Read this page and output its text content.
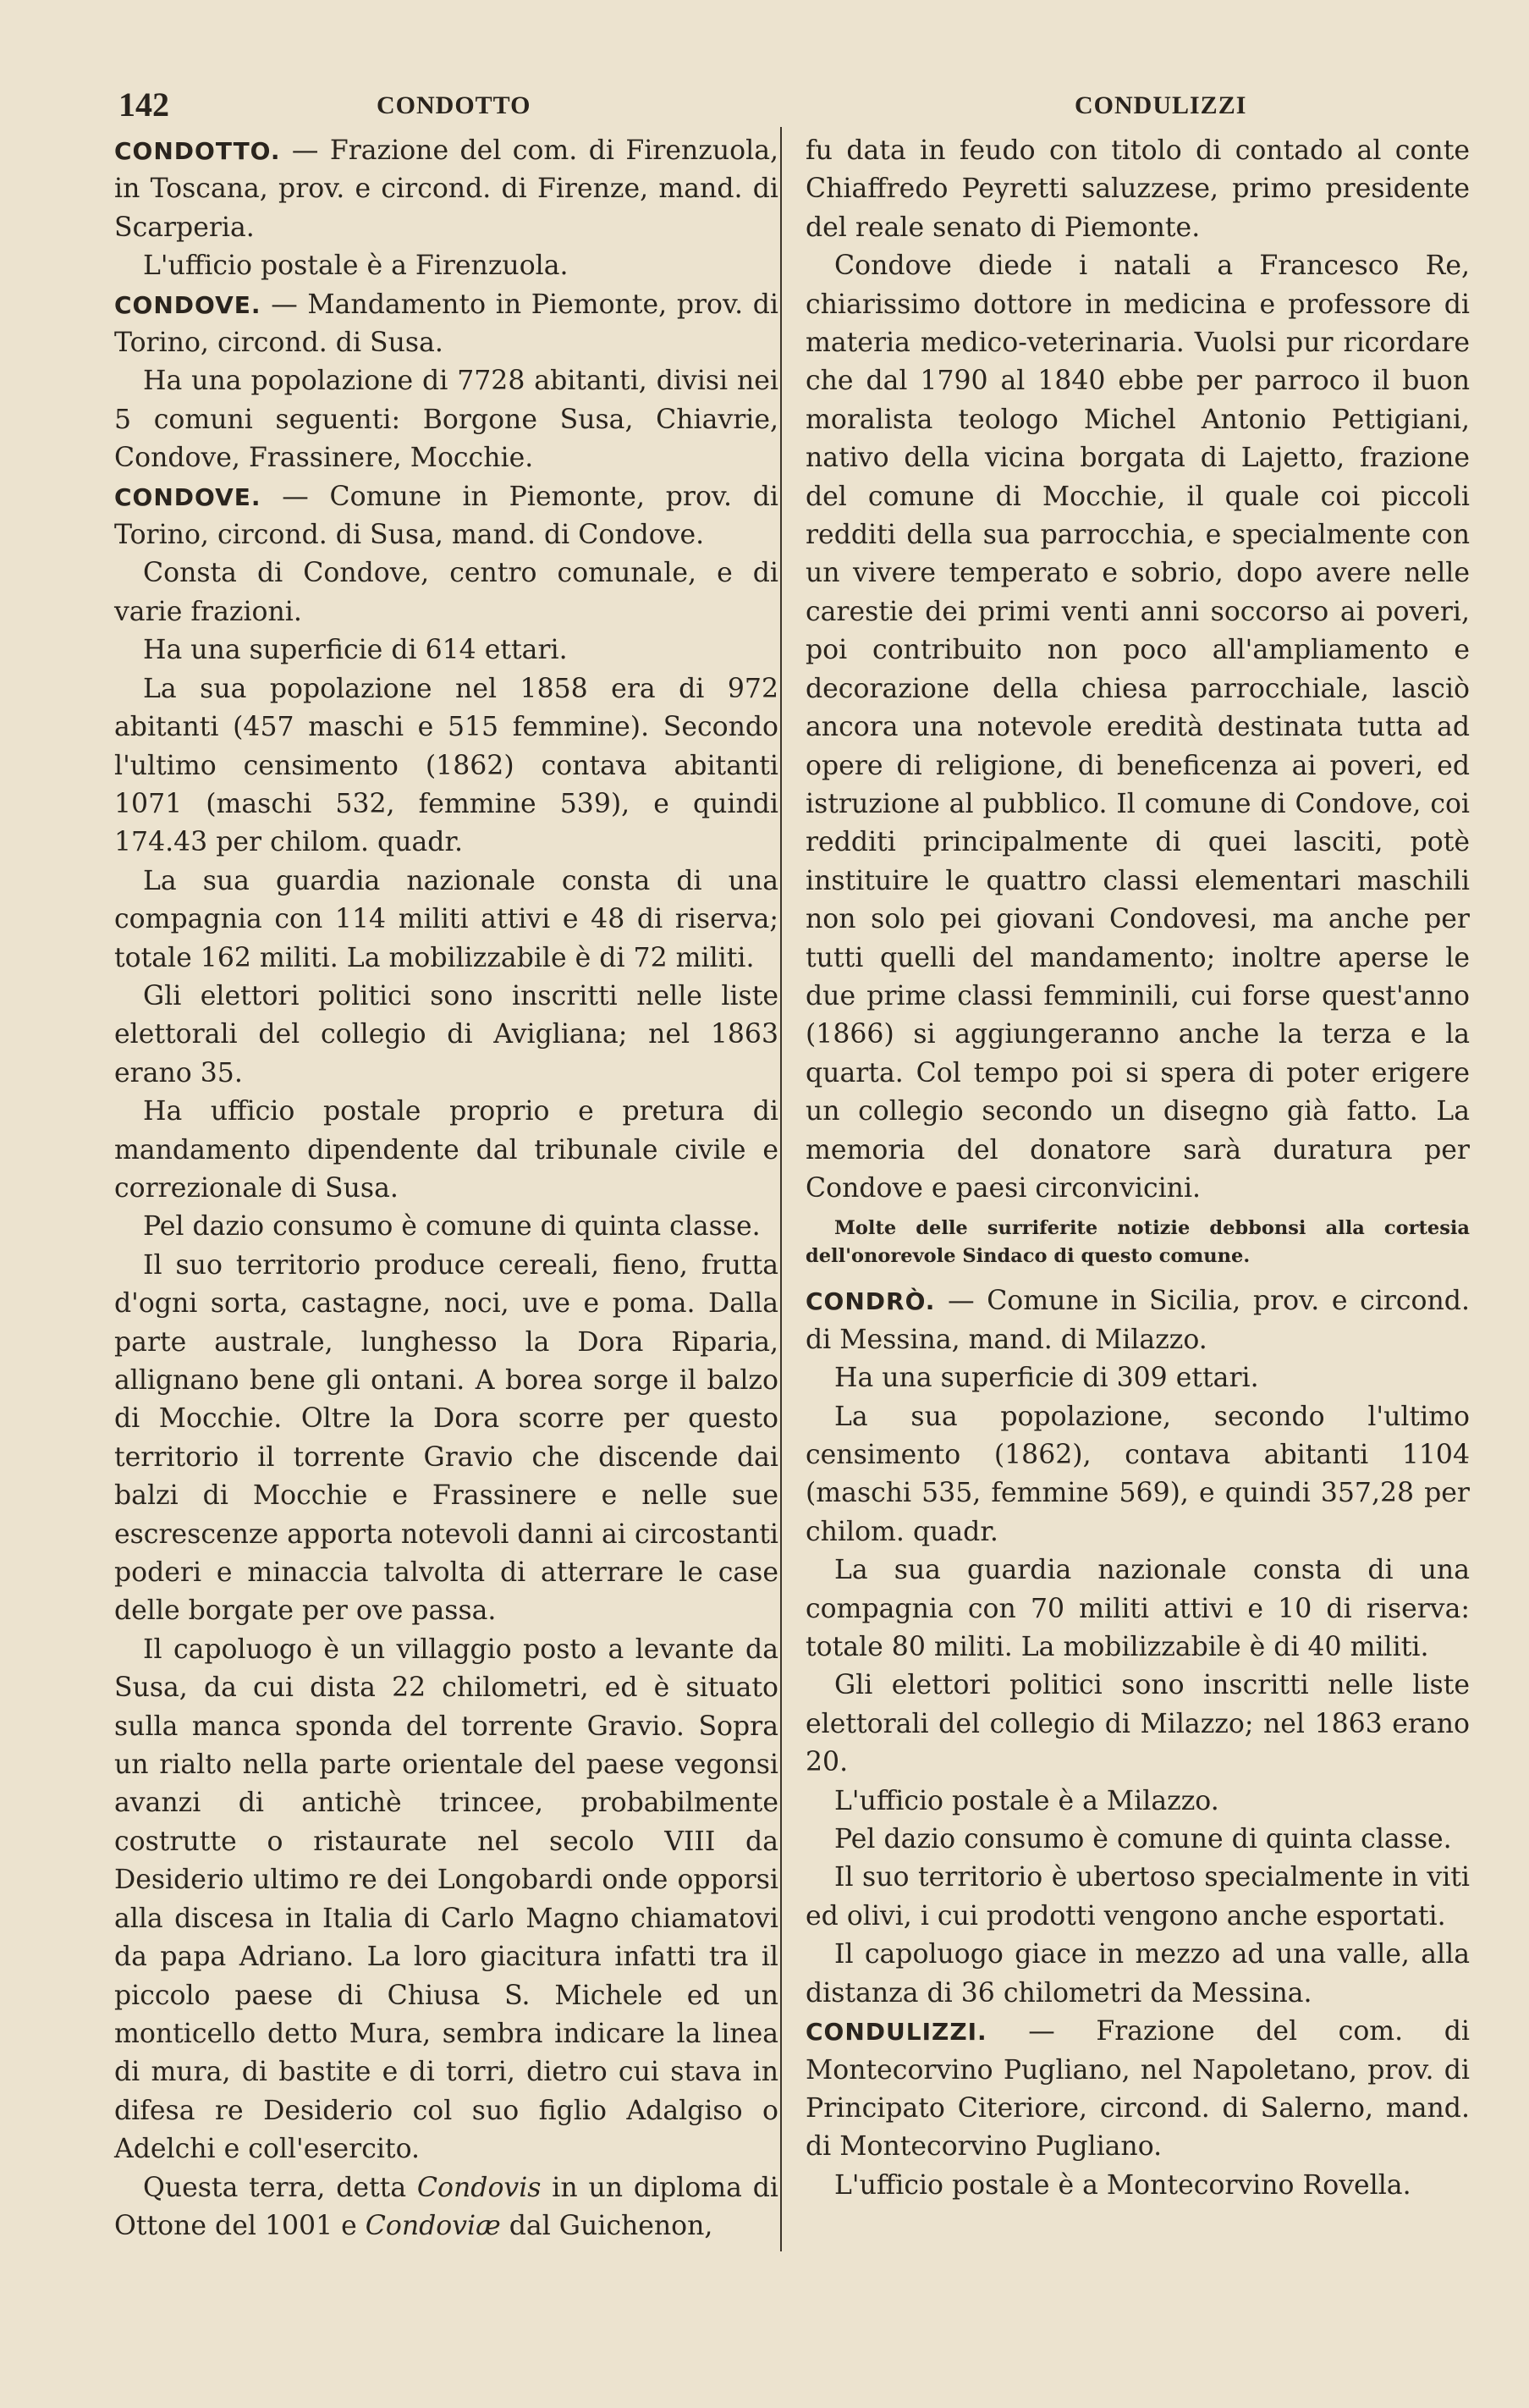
142	CONDOTTO	CONDULIZZI

CONDOTTO. — Frazione del com. di Firenzuola, in Toscana, prov. e circond. di Firenze, mand. di Scarperia.

L'ufficio postale è a Firenzuola.

CONDOVE. — Mandamento in Piemonte, prov. di Torino, circond. di Susa.

Ha una popolazione di 7728 abitanti, divisi nei 5 comuni seguenti: Borgone Susa, Chiavrie, Condove, Frassinere, Mocchie.

CONDOVE. — Comune in Piemonte, prov. di Torino, circond. di Susa, mand. di Condove.

Consta di Condove, centro comunale, e di varie frazioni.

Ha una superficie di 614 ettari.

La sua popolazione nel 1858 era di 972 abitanti (457 maschi e 515 femmine). Secondo l'ultimo censimento (1862) contava abitanti 1071 (maschi 532, femmine 539), e quindi 174.43 per chilom. quadr.

La sua guardia nazionale consta di una compagnia con 114 militi attivi e 48 di riserva; totale 162 militi. La mobilizzabile è di 72 militi.

Gli elettori politici sono inscritti nelle liste elettorali del collegio di Avigliana; nel 1863 erano 35.

Ha ufficio postale proprio e pretura di mandamento dipendente dal tribunale civile e correzionale di Susa.

Pel dazio consumo è comune di quinta classe.

Il suo territorio produce cereali, fieno, frutta d'ogni sorta, castagne, noci, uve e poma. Dalla parte australe, lunghesso la Dora Riparia, allignano bene gli ontani. A borea sorge il balzo di Mocchie. Oltre la Dora scorre per questo territorio il torrente Gravio che discende dai balzi di Mocchie e Frassinere e nelle sue escrescenze apporta notevoli danni ai circostanti poderi e minaccia talvolta di atterrare le case delle borgate per ove passa.

Il capoluogo è un villaggio posto a levante da Susa, da cui dista 22 chilometri, ed è situato sulla manca sponda del torrente Gravio. Sopra un rialto nella parte orientale del paese vegonsi avanzi di antichè trincee, probabilmente costrutte o ristaurate nel secolo VIII da Desiderio ultimo re dei Longobardi onde opporsi alla discesa in Italia di Carlo Magno chiamatovi da papa Adriano. La loro giacitura infatti tra il piccolo paese di Chiusa S. Michele ed un monticello detto Mura, sembra indicare la linea di mura, di bastite e di torri, dietro cui stava in difesa re Desiderio col suo figlio Adalgiso o Adelchi e coll'esercito.

Questa terra, detta Condovis in un diploma di Ottone del 1001 e Condoviæ dal Guichenon,

fu data in feudo con titolo di contado al conte Chiaffredo Peyretti saluzzese, primo presidente del reale senato di Piemonte.

Condove diede i natali a Francesco Re, chiarissimo dottore in medicina e professore di materia medico-veterinaria. Vuolsi pur ricordare che dal 1790 al 1840 ebbe per parroco il buon moralista teologo Michel Antonio Pettigiani, nativo della vicina borgata di Lajetto, frazione del comune di Mocchie, il quale coi piccoli redditi della sua parrocchia, e specialmente con un vivere temperato e sobrio, dopo avere nelle carestie dei primi venti anni soccorso ai poveri, poi contribuito non poco all'ampliamento e decorazione della chiesa parrocchiale, lasciò ancora una notevole eredità destinata tutta ad opere di religione, di beneficenza ai poveri, ed istruzione al pubblico. Il comune di Condove, coi redditi principalmente di quei lasciti, potè instituire le quattro classi elementari maschili non solo pei giovani Condovesi, ma anche per tutti quelli del mandamento; inoltre aperse le due prime classi femminili, cui forse quest'anno (1866) si aggiungeranno anche la terza e la quarta. Col tempo poi si spera di poter erigere un collegio secondo un disegno già fatto. La memoria del donatore sarà duratura per Condove e paesi circonvicini.

Molte delle surriferite notizie debbonsi alla cortesia dell'onorevole Sindaco di questo comune.

CONDRÒ. — Comune in Sicilia, prov. e circond. di Messina, mand. di Milazzo.

Ha una superficie di 309 ettari.

La sua popolazione, secondo l'ultimo censimento (1862), contava abitanti 1104 (maschi 535, femmine 569), e quindi 357,28 per chilom. quadr.

La sua guardia nazionale consta di una compagnia con 70 militi attivi e 10 di riserva: totale 80 militi. La mobilizzabile è di 40 militi.

Gli elettori politici sono inscritti nelle liste elettorali del collegio di Milazzo; nel 1863 erano 20.

L'ufficio postale è a Milazzo.

Pel dazio consumo è comune di quinta classe.

Il suo territorio è ubertoso specialmente in viti ed olivi, i cui prodotti vengono anche esportati.

Il capoluogo giace in mezzo ad una valle, alla distanza di 36 chilometri da Messina.

CONDULIZZI. — Frazione del com. di Montecorvino Pugliano, nel Napoletano, prov. di Principato Citeriore, circond. di Salerno, mand. di Montecorvino Pugliano.

L'ufficio postale è a Montecorvino Rovella.
